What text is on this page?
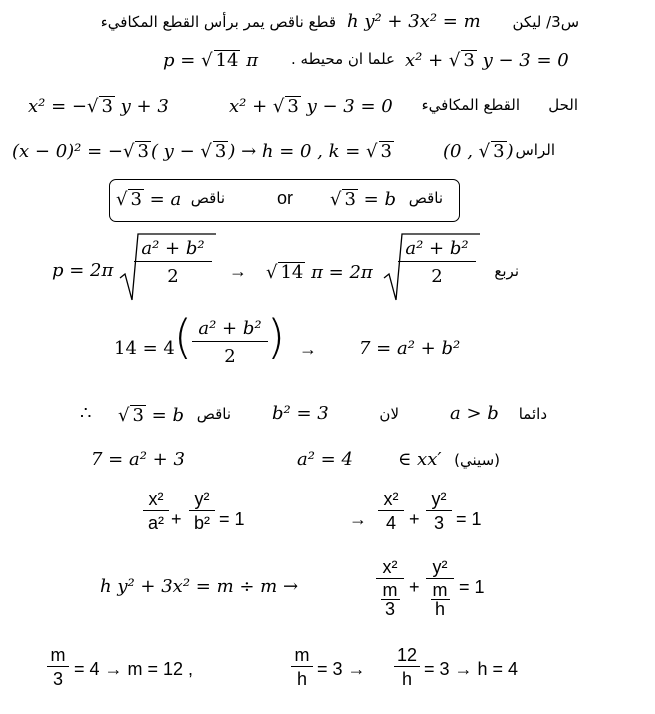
س3/ ليكن
h y² + 3x² = m
قطع ناقص يمر برأس القطع المكافيء
p = √ 14 π علما ان محيطه . x² + √ 3 y − 3 = 0
x² = −√ 3 y + 3	x² + √ 3 y − 3 = 0 القطع المكافيء الحل
(x − 0)² = −√ 3 ( y − √ 3 ) → h = 0 , k = √ 3	(0 , √ 3 ) الراس
√ 3 = a ناقص	or √ 3 = b ناقص
p = 2π
a² + b²
2	→ √ 14 π = 2π
a² + b²
2	نربع
14 = 4 ( a² + b²
2 ) → 7 = a² + b²
∴ √ 3 = b ناقص b² = 3	لان	a > b دائما
7 = a² + 3	a² = 4	∈ xx′ (سيني)
x²
a² +
y²
b² = 1	→
x²
4 +
y²
3 = 1
h y² + 3x² = m ÷ m →
x²
m
3
+
y²
m
h
= 1
m
3 = 4 → m = 12 ,
m
h = 3 →
12
h = 3 → h = 4
